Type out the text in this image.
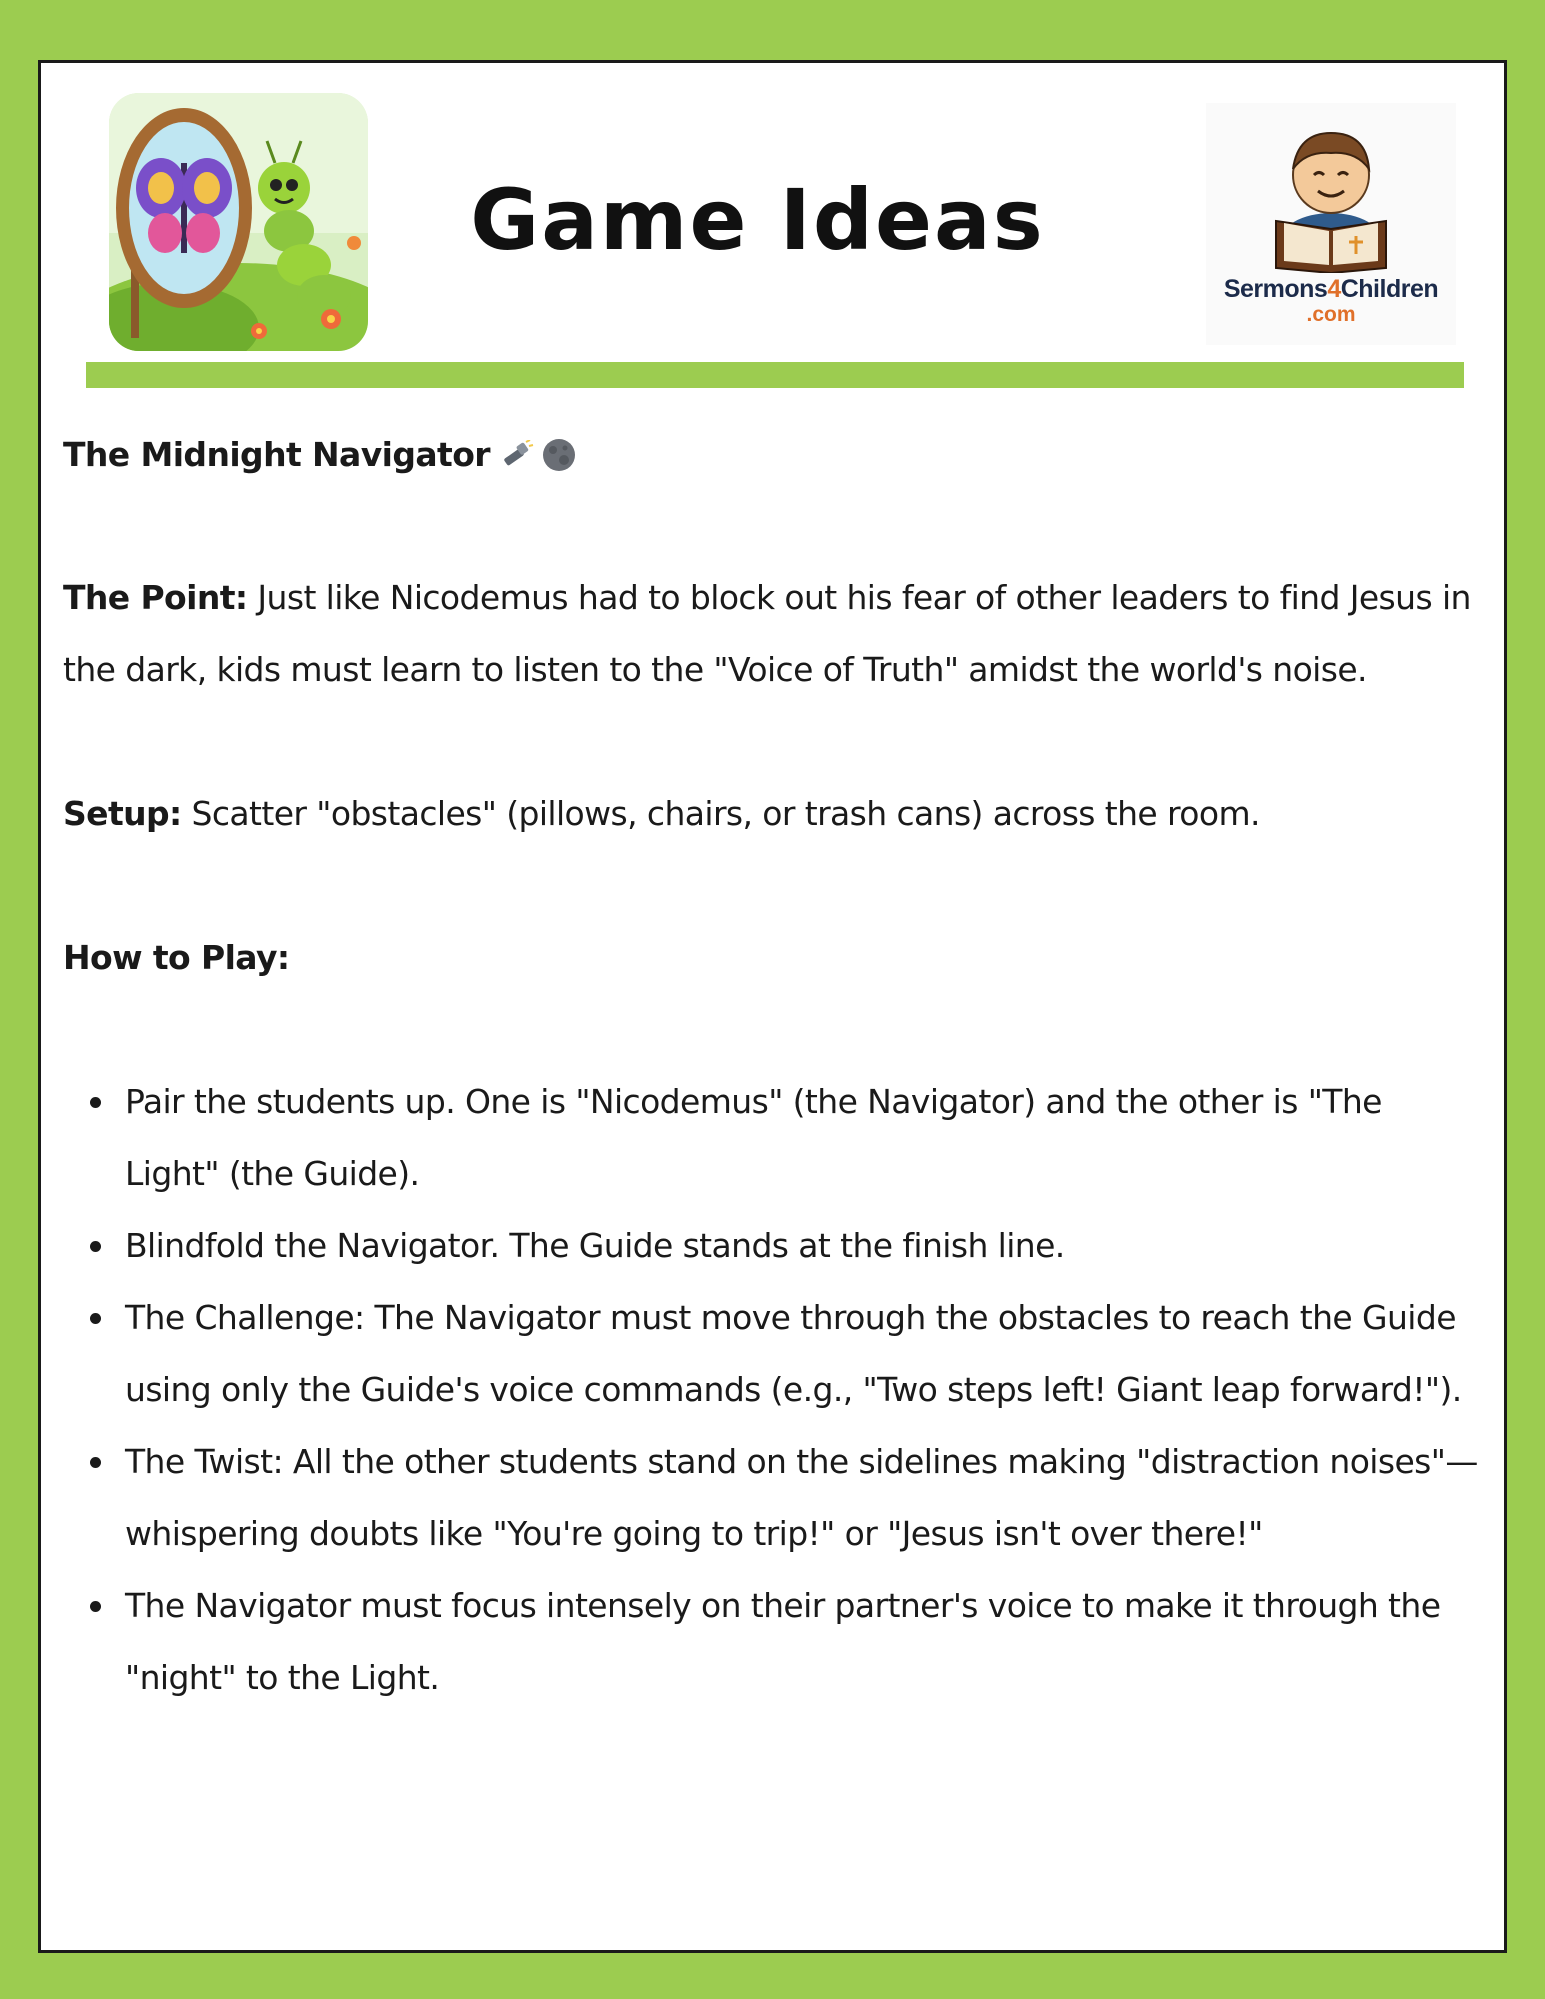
Game Ideas
Sermons4Children
.com
The Midnight Navigator

The Point: Just like Nicodemus had to block out his fear of other leaders to find Jesus in the dark, kids must learn to listen to the "Voice of Truth" amidst the world's noise.

Setup: Scatter "obstacles" (pillows, chairs, or trash cans) across the room.

How to Play:

Pair the students up. One is "Nicodemus" (the Navigator) and the other is "The Light" (the Guide).
Blindfold the Navigator. The Guide stands at the finish line.
The Challenge: The Navigator must move through the obstacles to reach the Guide using only the Guide's voice commands (e.g., "Two steps left! Giant leap forward!").
The Twist: All the other students stand on the sidelines making "distraction noises"—whispering doubts like "You're going to trip!" or "Jesus isn't over there!"
The Navigator must focus intensely on their partner's voice to make it through the "night" to the Light.
